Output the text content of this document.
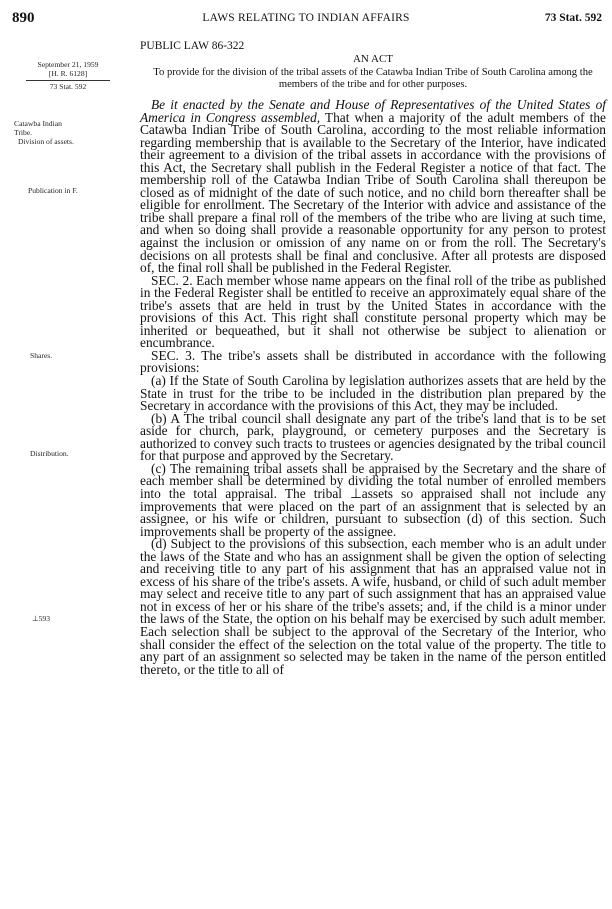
890	LAWS RELATING TO INDIAN AFFAIRS	73 Stat. 592
PUBLIC LAW 86-322
AN ACT
To provide for the division of the tribal assets of the Catawba Indian Tribe of South Carolina among the members of the tribe and for other purposes.
September 21, 1959
[H. R. 6128]
73 Stat. 592
Catawba Indian
Tribe.
Division of assets.
Publication in F.
Shares.
Distribution.
⊥593

Be it enacted by the Senate and House of Representatives of the United States of America in Congress assembled, That when a majority of the adult members of the Catawba Indian Tribe of South Carolina, according to the most reliable information regarding membership that is available to the Secretary of the Interior, have indicated their agreement to a division of the tribal assets in accordance with the provisions of this Act, the Secretary shall publish in the Federal Register a notice of that fact. The membership roll of the Catawba Indian Tribe of South Carolina shall thereupon be closed as of midnight of the date of such notice, and no child born thereafter shall be eligible for enrollment. The Secretary of the Interior with advice and assistance of the tribe shall prepare a final roll of the members of the tribe who are living at such time, and when so doing shall provide a reasonable opportunity for any person to protest against the inclusion or omission of any name on or from the roll. The Secretary's decisions on all protests shall be final and conclusive. After all protests are disposed of, the final roll shall be published in the Federal Register.

SEC. 2. Each member whose name appears on the final roll of the tribe as published in the Federal Register shall be entitled to receive an approximately equal share of the tribe's assets that are held in trust by the United States in accordance with the provisions of this Act. This right shall constitute personal property which may be inherited or bequeathed, but it shall not otherwise be subject to alienation or encumbrance.

SEC. 3. The tribe's assets shall be distributed in accordance with the following provisions:

(a) If the State of South Carolina by legislation authorizes assets that are held by the State in trust for the tribe to be included in the distribution plan prepared by the Secretary in accordance with the provisions of this Act, they may be included.

(b) A The tribal council shall designate any part of the tribe's land that is to be set aside for church, park, playground, or cemetery purposes and the Secretary is authorized to convey such tracts to trustees or agencies designated by the tribal council for that purpose and approved by the Secretary.

(c) The remaining tribal assets shall be appraised by the Secretary and the share of each member shall be determined by dividing the total number of enrolled members into the total appraisal. The tribal ⊥assets so appraised shall not include any improvements that were placed on the part of an assignment that is selected by an assignee, or his wife or children, pursuant to subsection (d) of this section. Such improvements shall be property of the assignee.

(d) Subject to the provisions of this subsection, each member who is an adult under the laws of the State and who has an assignment shall be given the option of selecting and receiving title to any part of his assignment that has an appraised value not in excess of his share of the tribe's assets. A wife, husband, or child of such adult member may select and receive title to any part of such assignment that has an appraised value not in excess of her or his share of the tribe's assets; and, if the child is a minor under the laws of the State, the option on his behalf may be exercised by such adult member. Each selection shall be subject to the approval of the Secretary of the Interior, who shall consider the effect of the selection on the total value of the property. The title to any part of an assignment so selected may be taken in the name of the person entitled thereto, or the title to all of
